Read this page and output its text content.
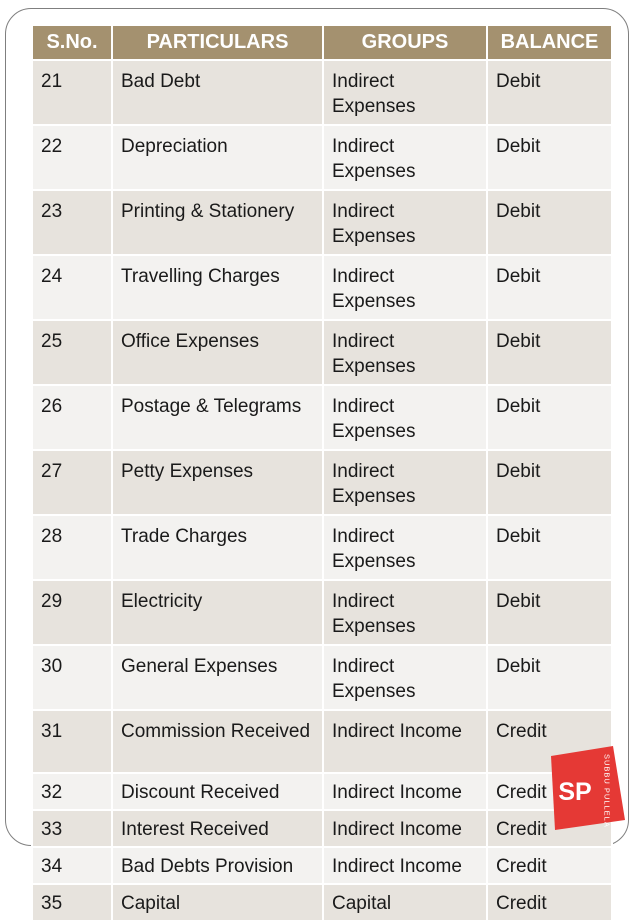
S.No.	PARTICULARS	GROUPS	BALANCE
21	Bad Debt	Indirect Expenses	Debit
22	Depreciation	Indirect Expenses	Debit
23	Printing & Stationery	Indirect Expenses	Debit
24	Travelling Charges	Indirect Expenses	Debit
25	Office Expenses	Indirect Expenses	Debit
26	Postage & Telegrams	Indirect Expenses	Debit
27	Petty Expenses	Indirect Expenses	Debit
28	Trade Charges	Indirect Expenses	Debit
29	Electricity	Indirect Expenses	Debit
30	General Expenses	Indirect Expenses	Debit
31	Commission Received	Indirect Income	Credit
32	Discount Received	Indirect Income	Credit
33	Interest Received	Indirect Income	Credit
34	Bad Debts Provision	Indirect Income	Credit
35	Capital	Capital	Credit
SP SUBBU PULLELA
